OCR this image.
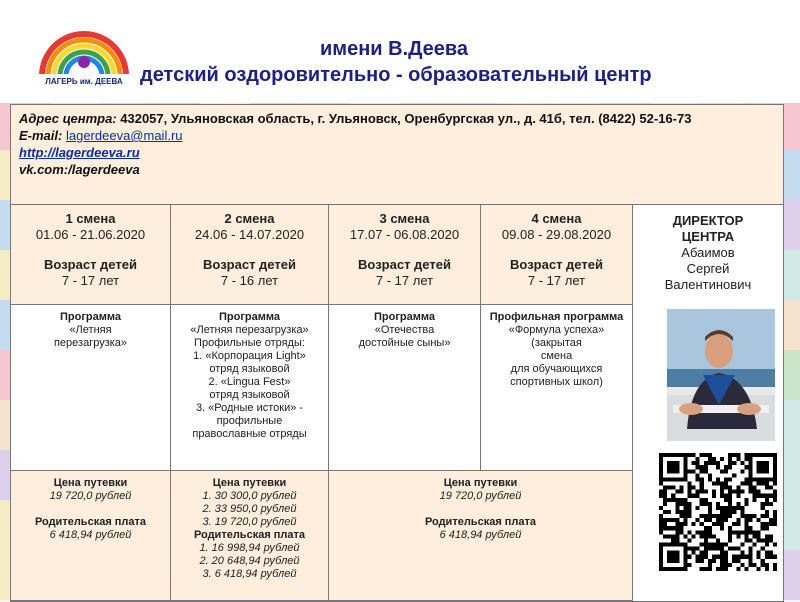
ЛАГЕРЬ им. ДЕЕВА
имени В.Деева
детский оздоровительно - образовательный центр
Адрес центра: 432057, Ульяновская область, г. Ульяновск, Оренбургская ул., д. 41б, тел. (8422) 52-16-73
E-mail: lagerdeeva@mail.ru
http://lagerdeeva.ru
vk.com:/lagerdeeva
1 смена
01.06 - 21.06.2020
Возраст детей
7 - 17 лет
2 смена
24.06 - 14.07.2020
Возраст детей
7 - 16 лет
3 смена
17.07 - 06.08.2020
Возраст детей
7 - 17 лет
4 смена
09.08 - 29.08.2020
Возраст детей
7 - 17 лет
Программа
«Летняя
перезагрузка»
Программа
«Летняя перезагрузка»
Профильные отряды:
1. «Корпорация Light»
отряд языковой
2. «Lingua Fest»
отряд языковой
3. «Родные истоки» -
профильные
православные отряды
Программа
«Отечества
достойные сыны»
Профильная программа
«Формула успеха»
(закрытая
смена
для обучающихся
спортивных школ)
Цена путевки
19 720,0 рублей
Родительская плата
6 418,94 рублей
Цена путевки
1. 30 300,0 рублей
2. 33 950,0 рублей
3. 19 720,0 рублей
Родительская плата
1. 16 998,94 рублей
2. 20 648,94 рублей
3. 6 418,94 рублей
Цена путевки
19 720,0 рублей
Родительская плата
6 418,94 рублей
ДИРЕКТОР
ЦЕНТРА
Абаимов
Сергей
Валентинович
